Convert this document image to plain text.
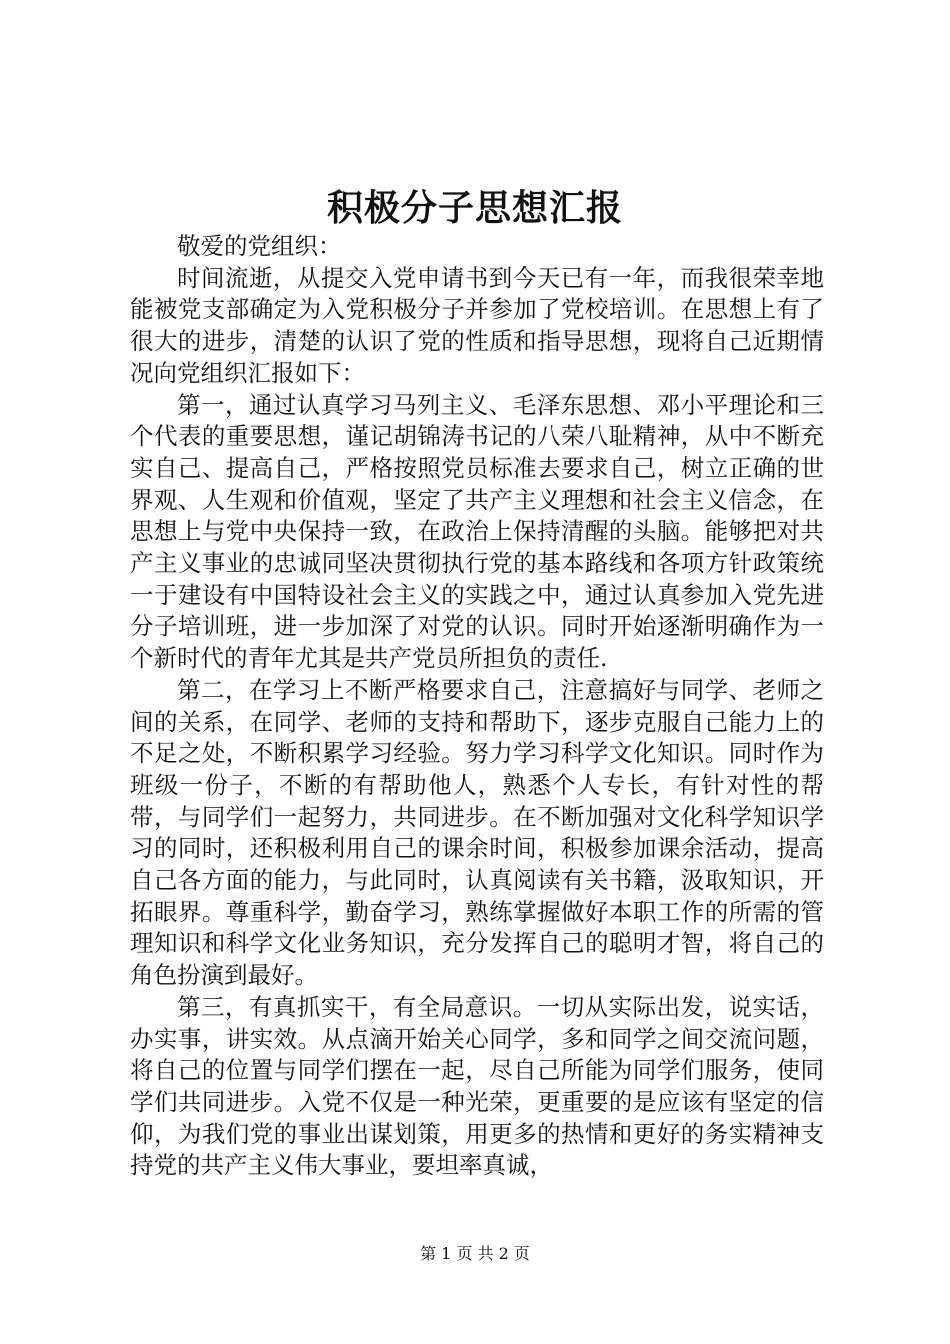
积极分子思想汇报

敬爱的党组织：

时间流逝，从提交入党申请书到今天已有一年，而我很荣幸地能被党支部确定为入党积极分子并参加了党校培训。在思想上有了很大的进步，清楚的认识了党的性质和指导思想，现将自己近期情况向党组织汇报如下：

第一，通过认真学习马列主义、毛泽东思想、邓小平理论和三个代表的重要思想，谨记胡锦涛书记的八荣八耻精神，从中不断充实自己、提高自己，严格按照党员标准去要求自己，树立正确的世界观、人生观和价值观，坚定了共产主义理想和社会主义信念，在思想上与党中央保持一致，在政治上保持清醒的头脑。能够把对共产主义事业的忠诚同坚决贯彻执行党的基本路线和各项方针政策统一于建设有中国特设社会主义的实践之中，通过认真参加入党先进分子培训班，进一步加深了对党的认识。同时开始逐渐明确作为一个新时代的青年尤其是共产党员所担负的责任.

第二，在学习上不断严格要求自己，注意搞好与同学、老师之间的关系，在同学、老师的支持和帮助下，逐步克服自己能力上的不足之处，不断积累学习经验。努力学习科学文化知识。同时作为班级一份子，不断的有帮助他人，熟悉个人专长，有针对性的帮带，与同学们一起努力，共同进步。在不断加强对文化科学知识学习的同时，还积极利用自己的课余时间，积极参加课余活动，提高自己各方面的能力，与此同时，认真阅读有关书籍，汲取知识，开拓眼界。尊重科学，勤奋学习，熟练掌握做好本职工作的所需的管理知识和科学文化业务知识，充分发挥自己的聪明才智，将自己的角色扮演到最好。

第三，有真抓实干，有全局意识。一切从实际出发，说实话，办实事，讲实效。从点滴开始关心同学，多和同学之间交流问题，将自己的位置与同学们摆在一起，尽自己所能为同学们服务，使同学们共同进步。入党不仅是一种光荣，更重要的是应该有坚定的信仰，为我们党的事业出谋划策，用更多的热情和更好的务实精神支持党的共产主义伟大事业，要坦率真诚，

第 1 页 共 2 页
